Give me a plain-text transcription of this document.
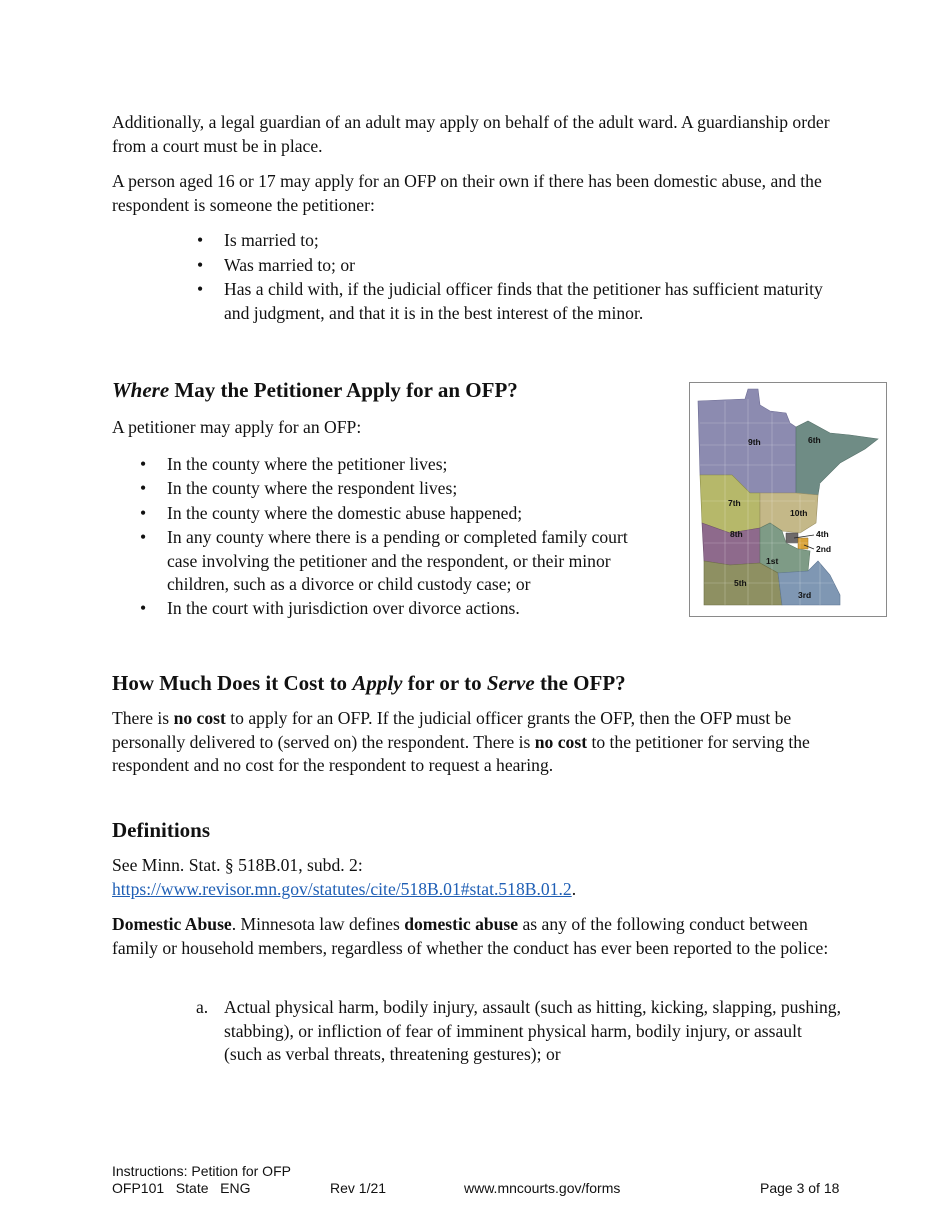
Additionally, a legal guardian of an adult may apply on behalf of the adult ward. A guardianship order from a court must be in place.

A person aged 16 or 17 may apply for an OFP on their own if there has been domestic abuse, and the respondent is someone the petitioner:

• Is married to;
• Was married to; or
• Has a child with, if the judicial officer finds that the petitioner has sufficient maturity and judgment, and that it is in the best interest of the minor.
Where May the Petitioner Apply for an OFP?

A petitioner may apply for an OFP:

• In the county where the petitioner lives;
• In the county where the respondent lives;
• In the county where the domestic abuse happened;
• In any county where there is a pending or completed family court case involving the petitioner and the respondent, or their minor children, such as a divorce or child custody case; or
• In the court with jurisdiction over divorce actions.
9th	6th
7th
10th
4th
2nd
8th
1st
5th
3rd
How Much Does it Cost to Apply for or to Serve the OFP?

There is no cost to apply for an OFP. If the judicial officer grants the OFP, then the OFP must be personally delivered to (served on) the respondent. There is no cost to the petitioner for serving the respondent and no cost for the respondent to request a hearing.

Definitions

See Minn. Stat. § 518B.01, subd. 2:
https://www.revisor.mn.gov/statutes/cite/518B.01#stat.518B.01.2.

Domestic Abuse. Minnesota law defines domestic abuse as any of the following conduct between family or household members, regardless of whether the conduct has ever been reported to the police:

a. Actual physical harm, bodily injury, assault (such as hitting, kicking, slapping, pushing, stabbing), or infliction of fear of imminent physical harm, bodily injury, or assault (such as verbal threats, threatening gestures); or
Instructions: Petition for OFP
OFP101   State   ENG	Rev 1/21	www.mncourts.gov/forms	Page 3 of 18
